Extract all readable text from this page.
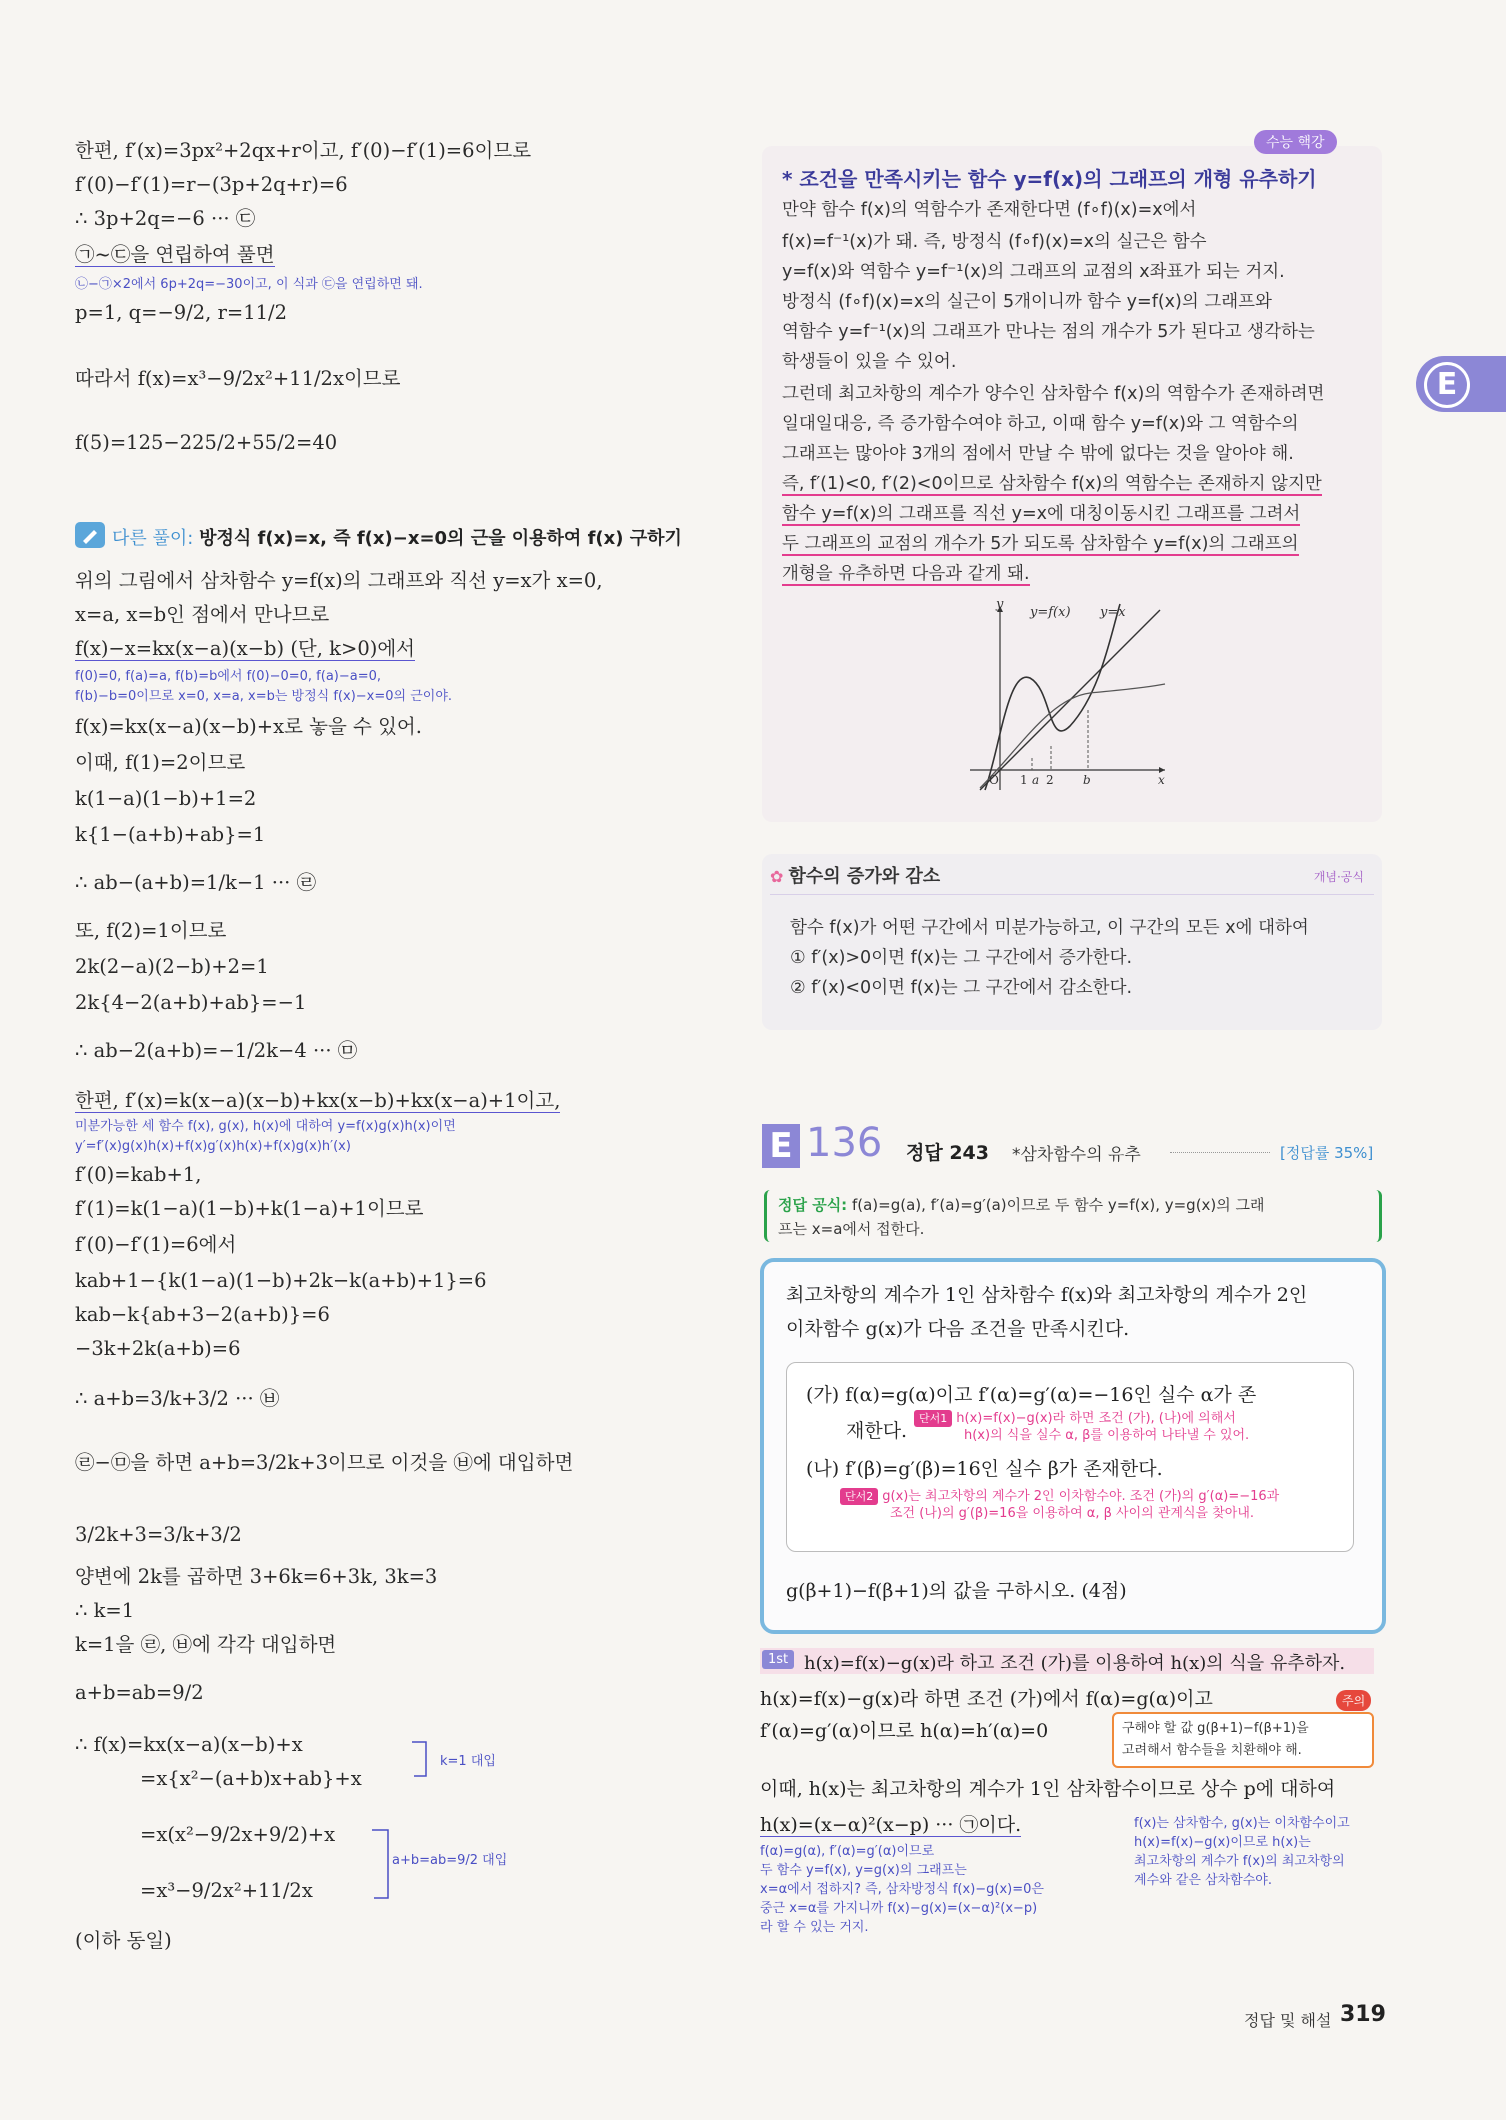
한편, f′(x)=3px²+2qx+r이고, f′(0)−f′(1)=6이므로
f′(0)−f′(1)=r−(3p+2q+r)=6
∴ 3p+2q=−6 ··· ㉢
㉠~㉢을 연립하여 풀면
㉡−㉠×2에서 6p+2q=−30이고, 이 식과 ㉢을 연립하면 돼.
p=1, q=−9/2, r=11/2
따라서 f(x)=x³−9/2x²+11/2x이므로
f(5)=125−225/2+55/2=40
다른 풀이: 방정식 f(x)=x, 즉 f(x)−x=0의 근을 이용하여 f(x) 구하기
위의 그림에서 삼차함수 y=f(x)의 그래프와 직선 y=x가 x=0,
x=a, x=b인 점에서 만나므로
f(x)−x=kx(x−a)(x−b) (단, k>0)에서
f(0)=0, f(a)=a, f(b)=b에서 f(0)−0=0, f(a)−a=0,
f(b)−b=0이므로 x=0, x=a, x=b는 방정식 f(x)−x=0의 근이야.
f(x)=kx(x−a)(x−b)+x로 놓을 수 있어.
이때, f(1)=2이므로
k(1−a)(1−b)+1=2
k{1−(a+b)+ab}=1
∴ ab−(a+b)=1/k−1 ··· ㉣
또, f(2)=1이므로
2k(2−a)(2−b)+2=1
2k{4−2(a+b)+ab}=−1
∴ ab−2(a+b)=−1/2k−4 ··· ㉤
한편, f′(x)=k(x−a)(x−b)+kx(x−b)+kx(x−a)+1이고,
미분가능한 세 함수 f(x), g(x), h(x)에 대하여 y=f(x)g(x)h(x)이면
y′=f′(x)g(x)h(x)+f(x)g′(x)h(x)+f(x)g(x)h′(x)
f′(0)=kab+1,
f′(1)=k(1−a)(1−b)+k(1−a)+1이므로
f′(0)−f′(1)=6에서
kab+1−{k(1−a)(1−b)+2k−k(a+b)+1}=6
kab−k{ab+3−2(a+b)}=6
−3k+2k(a+b)=6
∴ a+b=3/k+3/2 ··· ㉥
㉣−㉤을 하면 a+b=3/2k+3이므로 이것을 ㉥에 대입하면
3/2k+3=3/k+3/2
양변에 2k를 곱하면 3+6k=6+3k, 3k=3
∴ k=1
k=1을 ㉣, ㉥에 각각 대입하면
a+b=ab=9/2
∴ f(x)=kx(x−a)(x−b)+x
=x{x²−(a+b)x+ab}+x
=x(x²−9/2x+9/2)+x
=x³−9/2x²+11/2x
(이하 동일)
k=1 대입
a+b=ab=9/2 대입
E
수능 핵강
* 조건을 만족시키는 함수 y=f(x)의 그래프의 개형 유추하기
만약 함수 f(x)의 역함수가 존재한다면 (f∘f)(x)=x에서
f(x)=f⁻¹(x)가 돼. 즉, 방정식 (f∘f)(x)=x의 실근은 함수
y=f(x)와 역함수 y=f⁻¹(x)의 그래프의 교점의 x좌표가 되는 거지.
방정식 (f∘f)(x)=x의 실근이 5개이니까 함수 y=f(x)의 그래프와
역함수 y=f⁻¹(x)의 그래프가 만나는 점의 개수가 5가 된다고 생각하는
학생들이 있을 수 있어.
그런데 최고차항의 계수가 양수인 삼차함수 f(x)의 역함수가 존재하려면
일대일대응, 즉 증가함수여야 하고, 이때 함수 y=f(x)와 그 역함수의
그래프는 많아야 3개의 점에서 만날 수 밖에 없다는 것을 알아야 해.
즉, f′(1)<0, f′(2)<0이므로 삼차함수 f(x)의 역함수는 존재하지 않지만
함수 y=f(x)의 그래프를 직선 y=x에 대칭이동시킨 그래프를 그려서
두 그래프의 교점의 개수가 5가 되도록 삼차함수 y=f(x)의 그래프의
개형을 유추하면 다음과 같게 돼.
y
y=f(x) y=x
O 1 a 2 b	x
✿ 함수의 증가와 감소	개념·공식
함수 f(x)가 어떤 구간에서 미분가능하고, 이 구간의 모든 x에 대하여
① f′(x)>0이면 f(x)는 그 구간에서 증가한다.
② f′(x)<0이면 f(x)는 그 구간에서 감소한다.
E 136 정답 243 *삼차함수의 유추	[정답률 35%]
정답 공식: f(a)=g(a), f′(a)=g′(a)이므로 두 함수 y=f(x), y=g(x)의 그래
프는 x=a에서 접한다.
최고차항의 계수가 1인 삼차함수 f(x)와 최고차항의 계수가 2인
이차함수 g(x)가 다음 조건을 만족시킨다.
(가) f(α)=g(α)이고 f′(α)=g′(α)=−16인 실수 α가 존
재한다.
단서1 h(x)=f(x)−g(x)라 하면 조건 (가), (나)에 의해서
h(x)의 식을 실수 α, β를 이용하여 나타낼 수 있어.
(나) f′(β)=g′(β)=16인 실수 β가 존재한다.
단서2 g(x)는 최고차항의 계수가 2인 이차함수야. 조건 (가)의 g′(α)=−16과
조건 (나)의 g′(β)=16을 이용하여 α, β 사이의 관계식을 찾아내.
g(β+1)−f(β+1)의 값을 구하시오. (4점)
1st h(x)=f(x)−g(x)라 하고 조건 (가)를 이용하여 h(x)의 식을 유추하자.
h(x)=f(x)−g(x)라 하면 조건 (가)에서 f(α)=g(α)이고
f′(α)=g′(α)이므로 h(α)=h′(α)=0
주의
구해야 할 값 g(β+1)−f(β+1)을
고려해서 함수들을 치환해야 해.
이때, h(x)는 최고차항의 계수가 1인 삼차함수이므로 상수 p에 대하여
h(x)=(x−α)²(x−p) ··· ㉠이다.
f(α)=g(α), f′(α)=g′(α)이므로
두 함수 y=f(x), y=g(x)의 그래프는
x=α에서 접하지? 즉, 삼차방정식 f(x)−g(x)=0은
중근 x=α를 가지니까 f(x)−g(x)=(x−α)²(x−p)
라 할 수 있는 거지.
f(x)는 삼차함수, g(x)는 이차함수이고
h(x)=f(x)−g(x)이므로 h(x)는
최고차항의 계수가 f(x)의 최고차항의
계수와 같은 삼차함수야.
정답 및 해설 319
